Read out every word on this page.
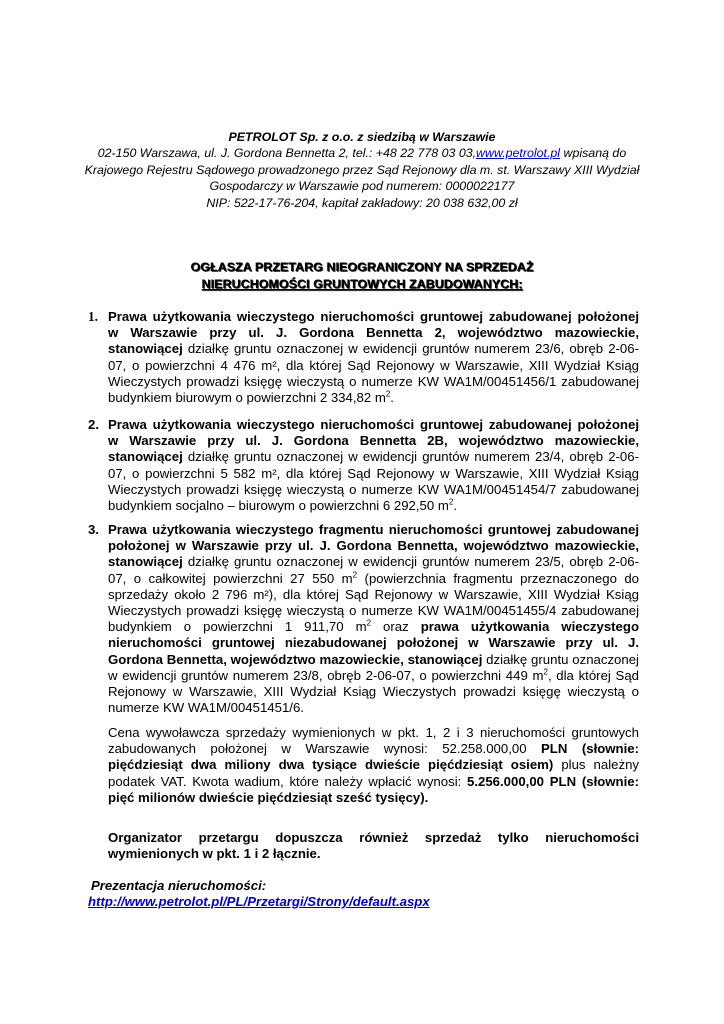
PETROLOT Sp. z o.o. z siedzibą w Warszawie
02-150 Warszawa, ul. J. Gordona Bennetta 2, tel.: +48 22 778 03 03,www.petrolot.pl wpisaną do
Krajowego Rejestru Sądowego prowadzonego przez Sąd Rejonowy dla m. st. Warszawy XIII Wydział
Gospodarczy w Warszawie pod numerem: 0000022177
NIP: 522-17-76-204, kapitał zakładowy: 20 038 632,00 zł
OGŁASZA PRZETARG NIEOGRANICZONY NA SPRZEDAŻ
NIERUCHOMOŚCI GRUNTOWYCH ZABUDOWANYCH:
1. Prawa użytkowania wieczystego nieruchomości gruntowej zabudowanej położonej w Warszawie przy ul. J. Gordona Bennetta 2, województwo mazowieckie, stanowiącej działkę gruntu oznaczonej w ewidencji gruntów numerem 23/6, obręb 2-06-07, o powierzchni 4 476 m², dla której Sąd Rejonowy w Warszawie, XIII Wydział Ksiąg Wieczystych prowadzi księgę wieczystą o numerze KW WA1M/00451456/1 zabudowanej budynkiem biurowym o powierzchni 2 334,82 $m^2$.
2. Prawa użytkowania wieczystego nieruchomości gruntowej zabudowanej położonej w Warszawie przy ul. J. Gordona Bennetta 2B, województwo mazowieckie, stanowiącej działkę gruntu oznaczonej w ewidencji gruntów numerem 23/4, obręb 2-06-07, o powierzchni 5 582 m², dla której Sąd Rejonowy w Warszawie, XIII Wydział Ksiąg Wieczystych prowadzi księgę wieczystą o numerze KW WA1M/00451454/7 zabudowanej budynkiem socjalno – biurowym o powierzchni 6 292,50 $m^2$.
3. Prawa użytkowania wieczystego fragmentu nieruchomości gruntowej zabudowanej położonej w Warszawie przy ul. J. Gordona Bennetta, województwo mazowieckie, stanowiącej działkę gruntu oznaczonej w ewidencji gruntów numerem 23/5, obręb 2-06-07, o całkowitej powierzchni 27 550 $m^2$ (powierzchnia fragmentu przeznaczonego do sprzedaży około 2 796 m²), dla której Sąd Rejonowy w Warszawie, XIII Wydział Ksiąg Wieczystych prowadzi księgę wieczystą o numerze KW WA1M/00451455/4 zabudowanej budynkiem o powierzchni 1 911,70 $m^2$ oraz prawa użytkowania wieczystego nieruchomości gruntowej niezabudowanej położonej w Warszawie przy ul. J. Gordona Bennetta, województwo mazowieckie, stanowiącej działkę gruntu oznaczonej w ewidencji gruntów numerem 23/8, obręb 2-06-07, o powierzchni 449 $m^2$, dla której Sąd Rejonowy w Warszawie, XIII Wydział Ksiąg Wieczystych prowadzi księgę wieczystą o numerze KW WA1M/00451451/6.
Cena wywoławcza sprzedaży wymienionych w pkt. 1, 2 i 3 nieruchomości gruntowych zabudowanych położonej w Warszawie wynosi: 52.258.000,00 PLN (słownie: pięćdziesiąt dwa miliony dwa tysiące dwieście pięćdziesiąt osiem) plus należny podatek VAT. Kwota wadium, które należy wpłacić wynosi: 5.256.000,00 PLN (słownie: pięć milionów dwieście pięćdziesiąt sześć tysięcy).
Organizator przetargu dopuszcza również sprzedaż tylko nieruchomości wymienionych w pkt. 1 i 2 łącznie.
Prezentacja nieruchomości:
http://www.petrolot.pl/PL/Przetargi/Strony/default.aspx
